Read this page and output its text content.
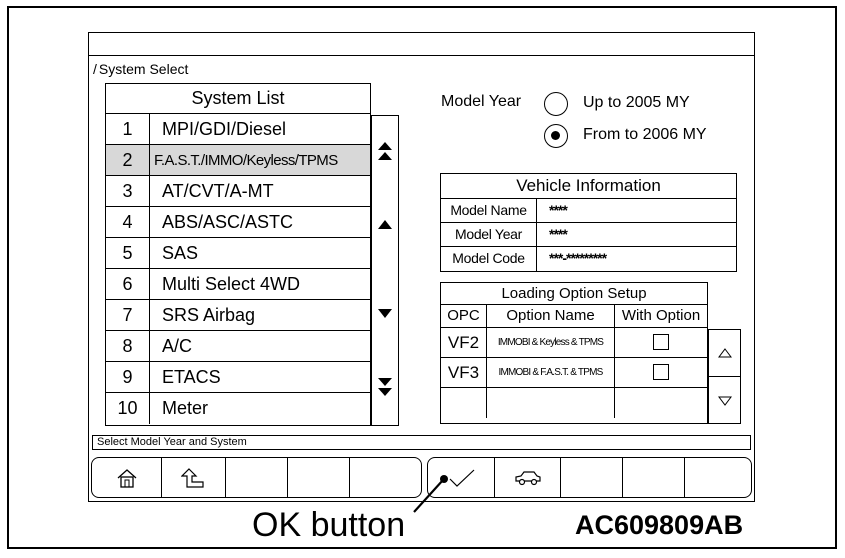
/ System Select
System List
1	MPI/GDI/Diesel
2	F.A.S.T./IMMO/Keyless/TPMS
3	AT/CVT/A-MT
4	ABS/ASC/ASTC
5	SAS
6	Multi Select 4WD
7	SRS Airbag
8	A/C
9	ETACS
10	Meter
Model Year	Up to 2005 MY
From to 2006 MY
Vehicle Information
Model Name	****
Model Year	****
Model Code	***-*********
Loading Option Setup
OPC	Option Name	With Option
VF2	IMMOBI & Keyless & TPMS
VF3	IMMOBI & F.A.S.T. & TPMS
Select Model Year and System
OK button	AC609809AB
